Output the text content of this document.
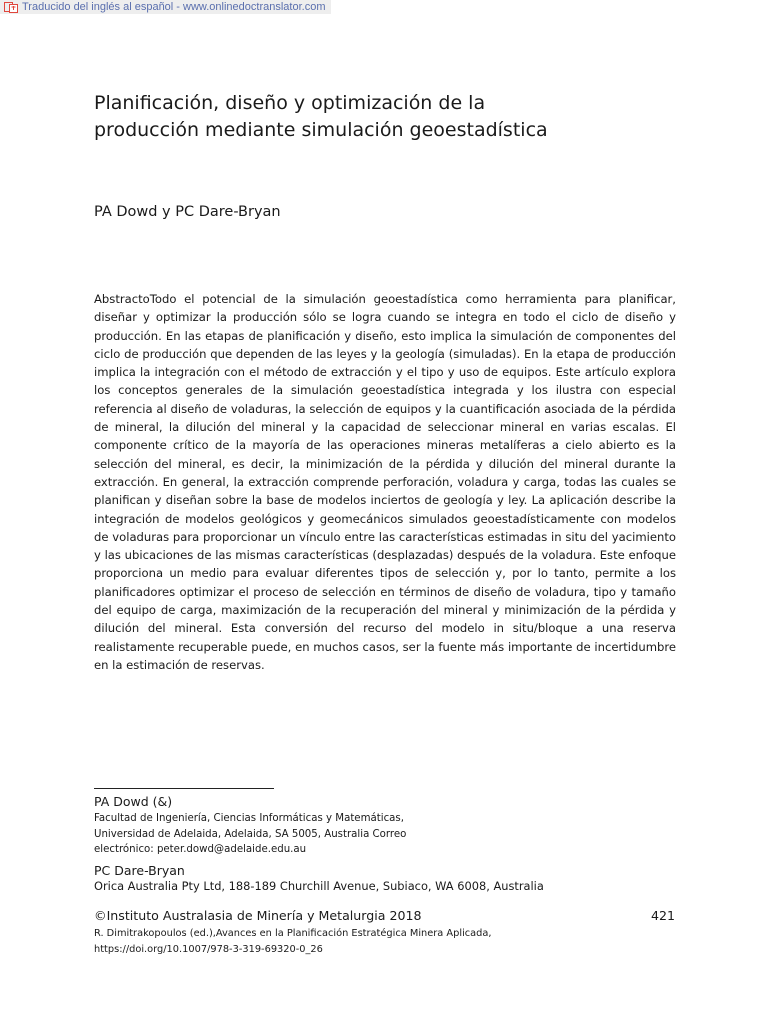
Traducido del inglés al español - www.onlinedoctranslator.com
Planificación, diseño y optimización de la producción mediante simulación geoestadística
PA Dowd y PC Dare-Bryan

AbstractoTodo el potencial de la simulación geoestadística como herramienta para planificar, diseñar y optimizar la producción sólo se logra cuando se integra en todo el ciclo de diseño y producción. En las etapas de planificación y diseño, esto implica la simulación de componentes del ciclo de producción que dependen de las leyes y la geología (simuladas). En la etapa de producción implica la integración con el método de extracción y el tipo y uso de equipos. Este artículo explora los conceptos generales de la simulación geoestadística integrada y los ilustra con especial referencia al diseño de voladuras, la selección de equipos y la cuantificación asociada de la pérdida de mineral, la dilución del mineral y la capacidad de seleccionar mineral en varias escalas. El componente crítico de la mayoría de las operaciones mineras metalíferas a cielo abierto es la selección del mineral, es decir, la minimización de la pérdida y dilución del mineral durante la extracción. En general, la extracción comprende perforación, voladura y carga, todas las cuales se planifican y diseñan sobre la base de modelos inciertos de geología y ley. La aplicación describe la integración de modelos geológicos y geomecánicos simulados geoestadísticamente con modelos de voladuras para proporcionar un vínculo entre las características estimadas in situ del yacimiento y las ubicaciones de las mismas características (desplazadas) después de la voladura. Este enfoque proporciona un medio para evaluar diferentes tipos de selección y, por lo tanto, permite a los planificadores optimizar el proceso de selección en términos de diseño de voladura, tipo y tamaño del equipo de carga, maximización de la recuperación del mineral y minimización de la pérdida y dilución del mineral. Esta conversión del recurso del modelo in situ/bloque a una reserva realistamente recuperable puede, en muchos casos, ser la fuente más importante de incertidumbre en la estimación de reservas.

PA Dowd (&)
Facultad de Ingeniería, Ciencias Informáticas y Matemáticas, Universidad de Adelaida, Adelaida, SA 5005, Australia Correo electrónico: peter.dowd@adelaide.edu.au
PC Dare-Bryan
Orica Australia Pty Ltd, 188-189 Churchill Avenue, Subiaco, WA 6008, Australia
©Instituto Australasia de Minería y Metalurgia 2018	421
R. Dimitrakopoulos (ed.),Avances en la Planificación Estratégica Minera Aplicada, https://doi.org/10.1007/978-3-319-69320-0_26
